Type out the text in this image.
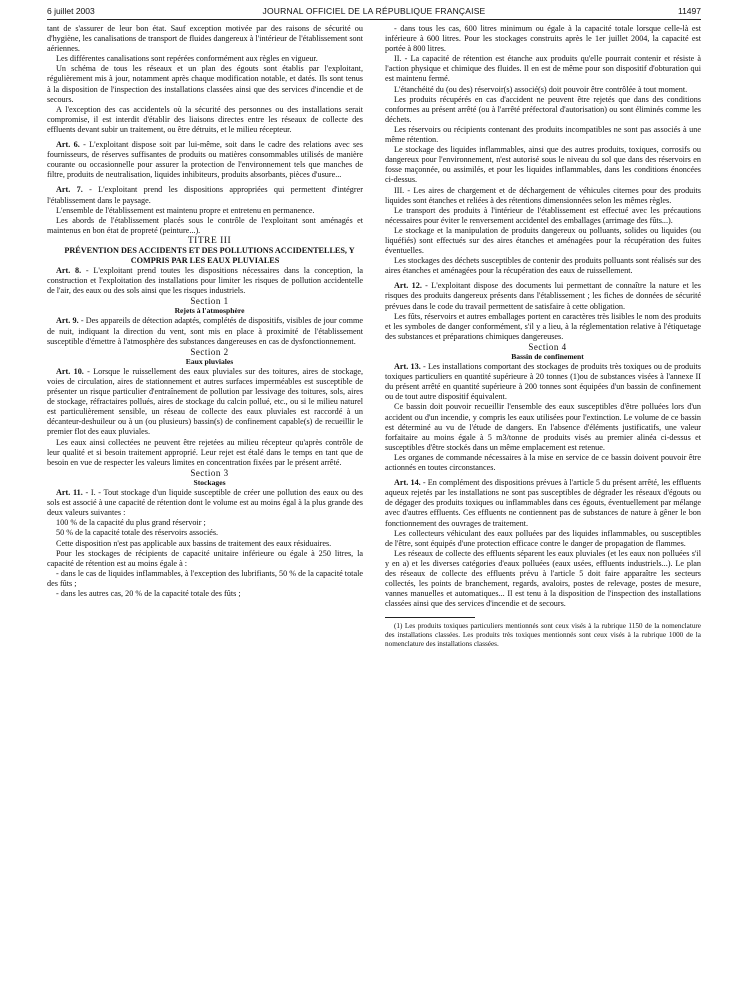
6 juillet 2003	JOURNAL OFFICIEL DE LA RÉPUBLIQUE FRANÇAISE	11497

tant de s'assurer de leur bon état. Sauf exception motivée par des raisons de sécurité ou d'hygiène, les canalisations de transport de fluides dangereux à l'intérieur de l'établissement sont aériennes.

Les différentes canalisations sont repérées conformément aux règles en vigueur.

Un schéma de tous les réseaux et un plan des égouts sont établis par l'exploitant, régulièrement mis à jour, notamment après chaque modification notable, et datés. Ils sont tenus à la disposition de l'inspection des installations classées ainsi que des services d'incendie et de secours.

A l'exception des cas accidentels où la sécurité des personnes ou des installations serait compromise, il est interdit d'établir des liaisons directes entre les réseaux de collecte des effluents devant subir un traitement, ou être détruits, et le milieu récepteur.

Art. 6. - L'exploitant dispose soit par lui-même, soit dans le cadre des relations avec ses fournisseurs, de réserves suffisantes de produits ou matières consommables utilisés de manière courante ou occasionnelle pour assurer la protection de l'environnement tels que manches de filtre, produits de neutralisation, liquides inhibiteurs, produits absorbants, pièces d'usure...

Art. 7. - L'exploitant prend les dispositions appropriées qui permettent d'intégrer l'établissement dans le paysage.

L'ensemble de l'établissement est maintenu propre et entretenu en permanence.

Les abords de l'établissement placés sous le contrôle de l'exploitant sont aménagés et maintenus en bon état de propreté (peinture...).

TITRE III

PRÉVENTION DES ACCIDENTS ET DES POLLUTIONS ACCIDENTELLES, Y COMPRIS PAR LES EAUX PLUVIALES

Art. 8. - L'exploitant prend toutes les dispositions nécessaires dans la conception, la construction et l'exploitation des installations pour limiter les risques de pollution accidentelle de l'air, des eaux ou des sols ainsi que les risques industriels.

Section 1

Rejets à l'atmosphère

Art. 9. - Des appareils de détection adaptés, complétés de dispositifs, visibles de jour comme de nuit, indiquant la direction du vent, sont mis en place à proximité de l'établissement susceptible d'émettre à l'atmosphère des substances dangereuses en cas de dysfonctionnement.

Section 2

Eaux pluviales

Art. 10. - Lorsque le ruissellement des eaux pluviales sur des toitures, aires de stockage, voies de circulation, aires de stationnement et autres surfaces imperméables est susceptible de présenter un risque particulier d'entraînement de pollution par lessivage des toitures, sols, aires de stockage, réfractaires pollués, aires de stockage du calcin pollué, etc., ou si le milieu naturel est particulièrement sensible, un réseau de collecte des eaux pluviales est raccordé à un décanteur-deshuileur ou à un (ou plusieurs) bassin(s) de confinement capable(s) de recueillir le premier flot des eaux pluviales.

Les eaux ainsi collectées ne peuvent être rejetées au milieu récepteur qu'après contrôle de leur qualité et si besoin traitement approprié. Leur rejet est étalé dans le temps en tant que de besoin en vue de respecter les valeurs limites en concentration fixées par le présent arrêté.

Section 3

Stockages

Art. 11. - I. - Tout stockage d'un liquide susceptible de créer une pollution des eaux ou des sols est associé à une capacité de rétention dont le volume est au moins égal à la plus grande des deux valeurs suivantes :

100 % de la capacité du plus grand réservoir ;

50 % de la capacité totale des réservoirs associés.

Cette disposition n'est pas applicable aux bassins de traitement des eaux résiduaires.

Pour les stockages de récipients de capacité unitaire inférieure ou égale à 250 litres, la capacité de rétention est au moins égale à :

- dans le cas de liquides inflammables, à l'exception des lubrifiants, 50 % de la capacité totale des fûts ;

- dans les autres cas, 20 % de la capacité totale des fûts ;

- dans tous les cas, 600 litres minimum ou égale à la capacité totale lorsque celle-là est inférieure à 600 litres. Pour les stockages construits après le 1er juillet 2004, la capacité est portée à 800 litres.

II. - La capacité de rétention est étanche aux produits qu'elle pourrait contenir et résiste à l'action physique et chimique des fluides. Il en est de même pour son dispositif d'obturation qui est maintenu fermé.

L'étanchéité du (ou des) réservoir(s) associé(s) doit pouvoir être contrôlée à tout moment.

Les produits récupérés en cas d'accident ne peuvent être rejetés que dans des conditions conformes au présent arrêté (ou à l'arrêté préfectoral d'autorisation) ou sont éliminés comme les déchets.

Les réservoirs ou récipients contenant des produits incompatibles ne sont pas associés à une même rétention.

Le stockage des liquides inflammables, ainsi que des autres produits, toxiques, corrosifs ou dangereux pour l'environnement, n'est autorisé sous le niveau du sol que dans des réservoirs en fosse maçonnée, ou assimilés, et pour les liquides inflammables, dans les conditions énoncées ci-dessus.

III. - Les aires de chargement et de déchargement de véhicules citernes pour des produits liquides sont étanches et reliées à des rétentions dimensionnées selon les mêmes règles.

Le transport des produits à l'intérieur de l'établissement est effectué avec les précautions nécessaires pour éviter le renversement accidentel des emballages (arrimage des fûts...).

Le stockage et la manipulation de produits dangereux ou polluants, solides ou liquides (ou liquéfiés) sont effectués sur des aires étanches et aménagées pour la récupération des fuites éventuelles.

Les stockages des déchets susceptibles de contenir des produits polluants sont réalisés sur des aires étanches et aménagées pour la récupération des eaux de ruissellement.

Art. 12. - L'exploitant dispose des documents lui permettant de connaître la nature et les risques des produits dangereux présents dans l'établissement ; les fiches de données de sécurité prévues dans le code du travail permettent de satisfaire à cette obligation.

Les fûts, réservoirs et autres emballages portent en caractères très lisibles le nom des produits et les symboles de danger conformément, s'il y a lieu, à la réglementation relative à l'étiquetage des substances et préparations chimiques dangereuses.

Section 4

Bassin de confinement

Art. 13. - Les installations comportant des stockages de produits très toxiques ou de produits toxiques particuliers en quantité supérieure à 20 tonnes (1)ou de substances visées à l'annexe II du présent arrêté en quantité supérieure à 200 tonnes sont équipées d'un bassin de confinement ou de tout autre dispositif équivalent.

Ce bassin doit pouvoir recueillir l'ensemble des eaux susceptibles d'être polluées lors d'un accident ou d'un incendie, y compris les eaux utilisées pour l'extinction. Le volume de ce bassin est déterminé au vu de l'étude de dangers. En l'absence d'éléments justificatifs, une valeur forfaitaire au moins égale à 5 m3/tonne de produits visés au premier alinéa ci-dessus et susceptibles d'être stockés dans un même emplacement est retenue.

Les organes de commande nécessaires à la mise en service de ce bassin doivent pouvoir être actionnés en toutes circonstances.

Art. 14. - En complément des dispositions prévues à l'article 5 du présent arrêté, les effluents aqueux rejetés par les installations ne sont pas susceptibles de dégrader les réseaux d'égouts ou de dégager des produits toxiques ou inflammables dans ces égouts, éventuellement par mélange avec d'autres effluents. Ces effluents ne contiennent pas de substances de nature à gêner le bon fonctionnement des ouvrages de traitement.

Les collecteurs véhiculant des eaux polluées par des liquides inflammables, ou susceptibles de l'être, sont équipés d'une protection efficace contre le danger de propagation de flammes.

Les réseaux de collecte des effluents séparent les eaux pluviales (et les eaux non polluées s'il y en a) et les diverses catégories d'eaux polluées (eaux usées, effluents industriels...). Le plan des réseaux de collecte des effluents prévu à l'article 5 doit faire apparaître les secteurs collectés, les points de branchement, regards, avaloirs, postes de relevage, postes de mesure, vannes manuelles et automatiques... Il est tenu à la disposition de l'inspection des installations classées ainsi que des services d'incendie et de secours.

(1) Les produits toxiques particuliers mentionnés sont ceux visés à la rubrique 1150 de la nomenclature des installations classées. Les produits très toxiques mentionnés sont ceux visés à la rubrique 1000 de la nomenclature des installations classées.
